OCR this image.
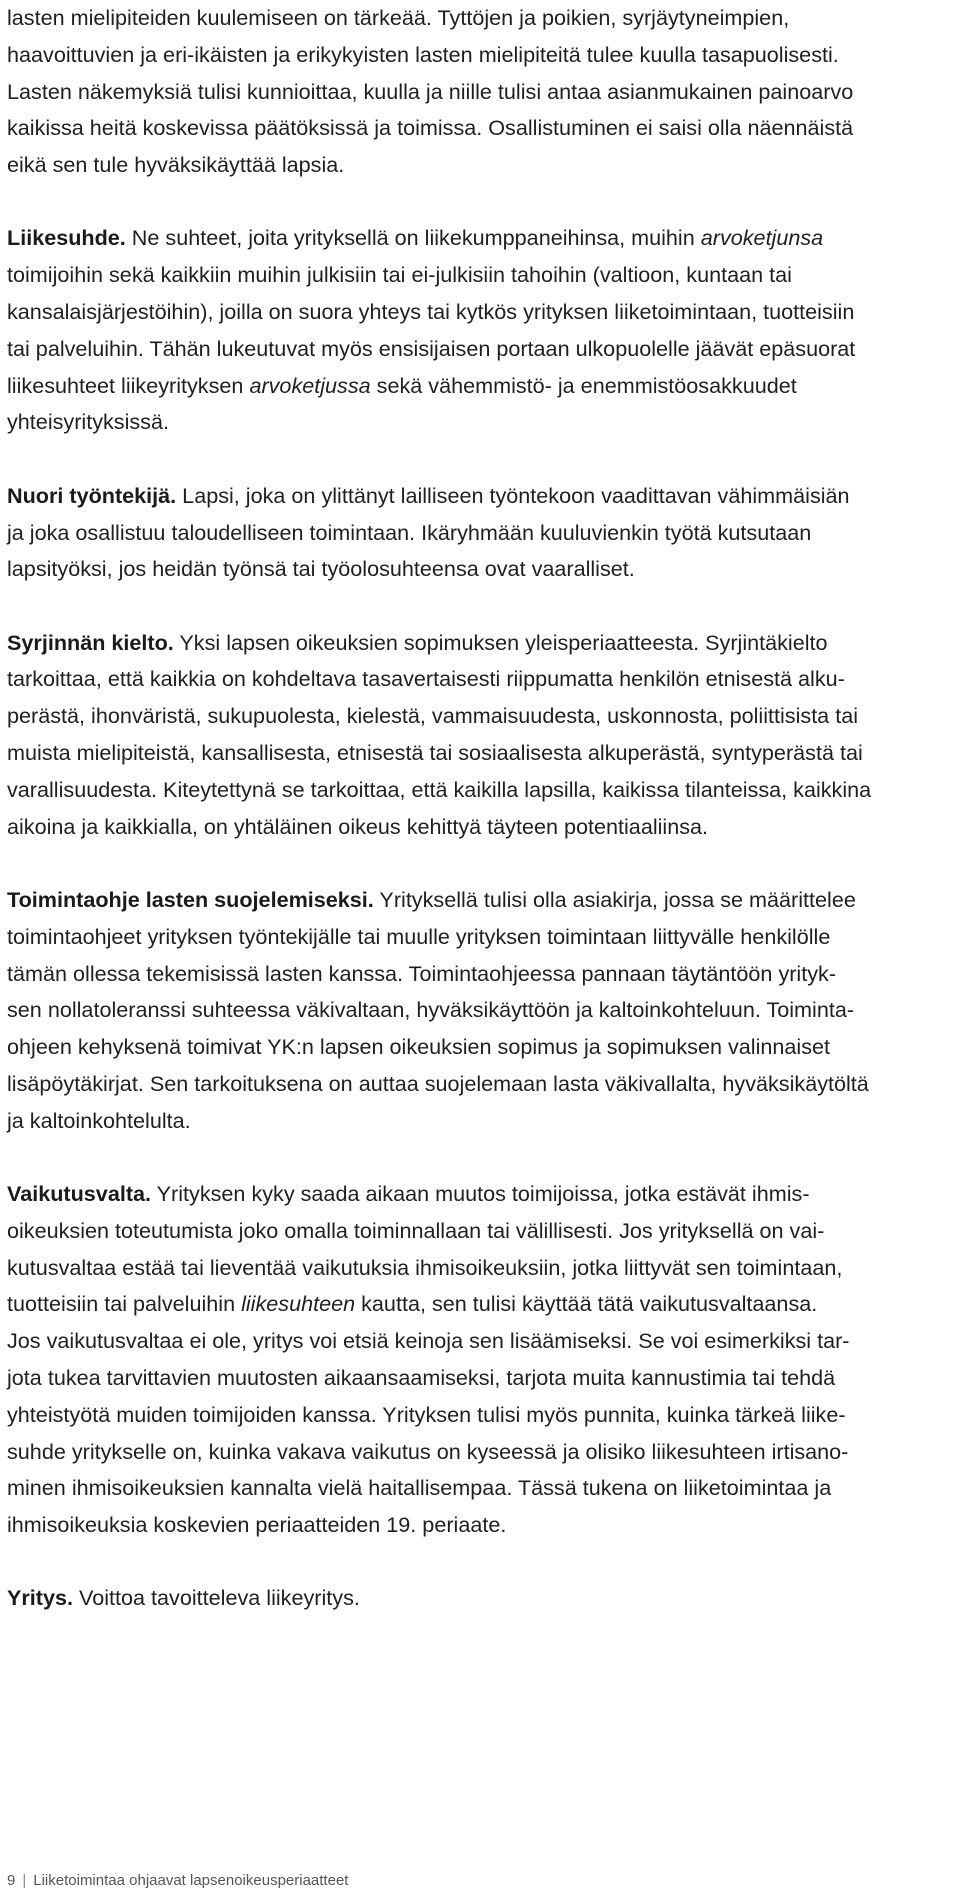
lasten mielipiteiden kuulemiseen on tärkeää. Tyttöjen ja poikien, syrjäytyneimpien,
haavoittuvien ja eri-ikäisten ja erikykyisten lasten mielipiteitä tulee kuulla tasapuolisesti.
Lasten näkemyksiä tulisi kunnioittaa, kuulla ja niille tulisi antaa asianmukainen painoarvo
kaikissa heitä koskevissa päätöksissä ja toimissa. Osallistuminen ei saisi olla näennäistä
eikä sen tule hyväksikäyttää lapsia.

Liikesuhde. Ne suhteet, joita yrityksellä on liikekumppaneihinsa, muihin arvoketjunsa
toimijoihin sekä kaikkiin muihin julkisiin tai ei-julkisiin tahoihin (valtioon, kuntaan tai
kansalaisjärjestöihin), joilla on suora yhteys tai kytkös yrityksen liiketoimintaan, tuotteisiin
tai palveluihin. Tähän lukeutuvat myös ensisijaisen portaan ulkopuolelle jäävät epäsuorat
liikesuhteet liikeyrityksen arvoketjussa sekä vähemmistö- ja enemmistöosakkuudet
yhteisyrityksissä.

Nuori työntekijä. Lapsi, joka on ylittänyt lailliseen työntekoon vaadittavan vähimmäisiän
ja joka osallistuu taloudelliseen toimintaan. Ikäryhmään kuuluvienkin työtä kutsutaan
lapsityöksi, jos heidän työnsä tai työolosuhteensa ovat vaaralliset.

Syrjinnän kielto. Yksi lapsen oikeuksien sopimuksen yleisperiaatteesta. Syrjintäkielto
tarkoittaa, että kaikkia on kohdeltava tasavertaisesti riippumatta henkilön etnisestä alku-
perästä, ihonväristä, sukupuolesta, kielestä, vammaisuudesta, uskonnosta, poliittisista tai
muista mielipiteistä, kansallisesta, etnisestä tai sosiaalisesta alkuperästä, syntyperästä tai
varallisuudesta. Kiteytettynä se tarkoittaa, että kaikilla lapsilla, kaikissa tilanteissa, kaikkina
aikoina ja kaikkialla, on yhtäläinen oikeus kehittyä täyteen potentiaaliinsa.

Toimintaohje lasten suojelemiseksi. Yrityksellä tulisi olla asiakirja, jossa se määrittelee
toimintaohjeet yrityksen työntekijälle tai muulle yrityksen toimintaan liittyvälle henkilölle
tämän ollessa tekemisissä lasten kanssa. Toimintaohjeessa pannaan täytäntöön yrityk-
sen nollatoleranssi suhteessa väkivaltaan, hyväksikäyttöön ja kaltoinkohteluun. Toiminta-
ohjeen kehyksenä toimivat YK:n lapsen oikeuksien sopimus ja sopimuksen valinnaiset
lisäpöytäkirjat. Sen tarkoituksena on auttaa suojelemaan lasta väkivallalta, hyväksikäytöltä
ja kaltoinkohtelulta.

Vaikutusvalta. Yrityksen kyky saada aikaan muutos toimijoissa, jotka estävät ihmis-
oikeuksien toteutumista joko omalla toiminnallaan tai välillisesti. Jos yrityksellä on vai-
kutusvaltaa estää tai lieventää vaikutuksia ihmisoikeuksiin, jotka liittyvät sen toimintaan,
tuotteisiin tai palveluihin liikesuhteen kautta, sen tulisi käyttää tätä vaikutusvaltaansa.
Jos vaikutusvaltaa ei ole, yritys voi etsiä keinoja sen lisäämiseksi. Se voi esimerkiksi tar-
jota tukea tarvittavien muutosten aikaansaamiseksi, tarjota muita kannustimia tai tehdä
yhteistyötä muiden toimijoiden kanssa. Yrityksen tulisi myös punnita, kuinka tärkeä liike-
suhde yritykselle on, kuinka vakava vaikutus on kyseessä ja olisiko liikesuhteen irtisano-
minen ihmisoikeuksien kannalta vielä haitallisempaa. Tässä tukena on liiketoimintaa ja
ihmisoikeuksia koskevien periaatteiden 19. periaate.

Yritys. Voittoa tavoitteleva liikeyritys.

9 | Liiketoimintaa ohjaavat lapsenoikeusperiaatteet
